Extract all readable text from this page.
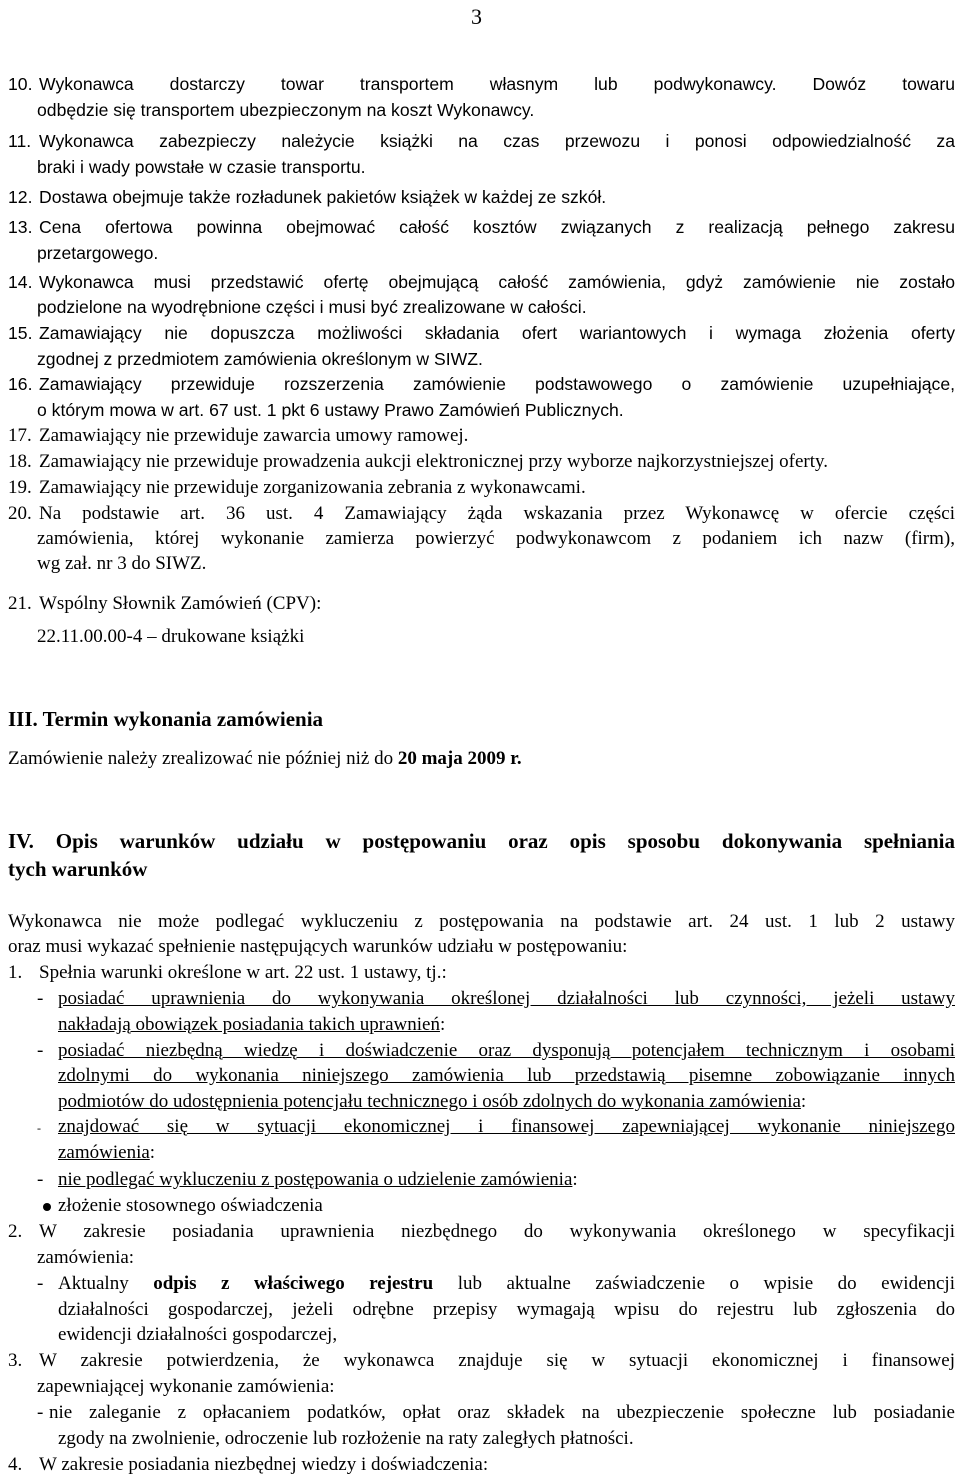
3
10. Wykonawca dostarczy towar transportem własnym lub podwykonawcy. Dowóz towaru
odbędzie się transportem ubezpieczonym na koszt Wykonawcy.
11. Wykonawca zabezpieczy należycie książki na czas przewozu i ponosi odpowiedzialność za
braki i wady powstałe w czasie transportu.
12. Dostawa obejmuje także rozładunek pakietów książek w każdej ze szkół.
13. Cena ofertowa powinna obejmować całość kosztów związanych z realizacją pełnego zakresu
przetargowego.
14. Wykonawca musi przedstawić ofertę obejmującą całość zamówienia, gdyż zamówienie nie zostało
podzielone na wyodrębnione części i musi być zrealizowane w całości.
15. Zamawiający nie dopuszcza możliwości składania ofert wariantowych i wymaga złożenia oferty
zgodnej z przedmiotem zamówienia określonym w SIWZ.
16. Zamawiający przewiduje rozszerzenia zamówienie podstawowego o zamówienie uzupełniające,
o którym mowa w art. 67 ust. 1 pkt 6 ustawy Prawo Zamówień Publicznych.
17. Zamawiający nie przewiduje zawarcia umowy ramowej.
18. Zamawiający nie przewiduje prowadzenia aukcji elektronicznej przy wyborze najkorzystniejszej oferty.
19. Zamawiający nie przewiduje zorganizowania zebrania z wykonawcami.
20. Na podstawie art. 36 ust. 4 Zamawiający żąda wskazania przez Wykonawcę w ofercie części
zamówienia, której wykonanie zamierza powierzyć podwykonawcom z podaniem ich nazw (firm),
wg zał. nr 3 do SIWZ.
21. Wspólny Słownik Zamówień (CPV):
22.11.00.00-4 – drukowane książki
III. Termin wykonania zamówienia
Zamówienie należy zrealizować nie później niż do 20 maja 2009 r.
IV. Opis warunków udziału w postępowaniu oraz opis sposobu dokonywania spełniania
tych warunków
Wykonawca nie może podlegać wykluczeniu z postępowania na podstawie art. 24 ust. 1 lub 2 ustawy
oraz musi wykazać spełnienie następujących warunków udziału w postępowaniu:
1. Spełnia warunki określone w art. 22 ust. 1 ustawy, tj.:
- posiadać uprawnienia do wykonywania określonej działalności lub czynności, jeżeli ustawy
nakładają obowiązek posiadania takich uprawnień:
- posiadać niezbędną wiedzę i doświadczenie oraz dysponują potencjałem technicznym i osobami
zdolnymi do wykonania niniejszego zamówienia lub przedstawią pisemne zobowiązanie innych
podmiotów do udostępnienia potencjału technicznego i osób zdolnych do wykonania zamówienia:
- znajdować się w sytuacji ekonomicznej i finansowej zapewniającej wykonanie niniejszego
zamówienia:
- nie podlegać wykluczeniu z postępowania o udzielenie zamówienia:
złożenie stosownego oświadczenia
2. W zakresie posiadania uprawnienia niezbędnego do wykonywania określonego w specyfikacji
zamówienia:
- Aktualny odpis z właściwego rejestru lub aktualne zaświadczenie o wpisie do ewidencji
działalności gospodarczej, jeżeli odrębne przepisy wymagają wpisu do rejestru lub zgłoszenia do
ewidencji działalności gospodarczej,
3. W zakresie potwierdzenia, że wykonawca znajduje się w sytuacji ekonomicznej i finansowej
zapewniającej wykonanie zamówienia:
- nie zaleganie z opłacaniem podatków, opłat oraz składek na ubezpieczenie społeczne lub posiadanie
zgody na zwolnienie, odroczenie lub rozłożenie na raty zaległych płatności.
4. W zakresie posiadania niezbędnej wiedzy i doświadczenia:
